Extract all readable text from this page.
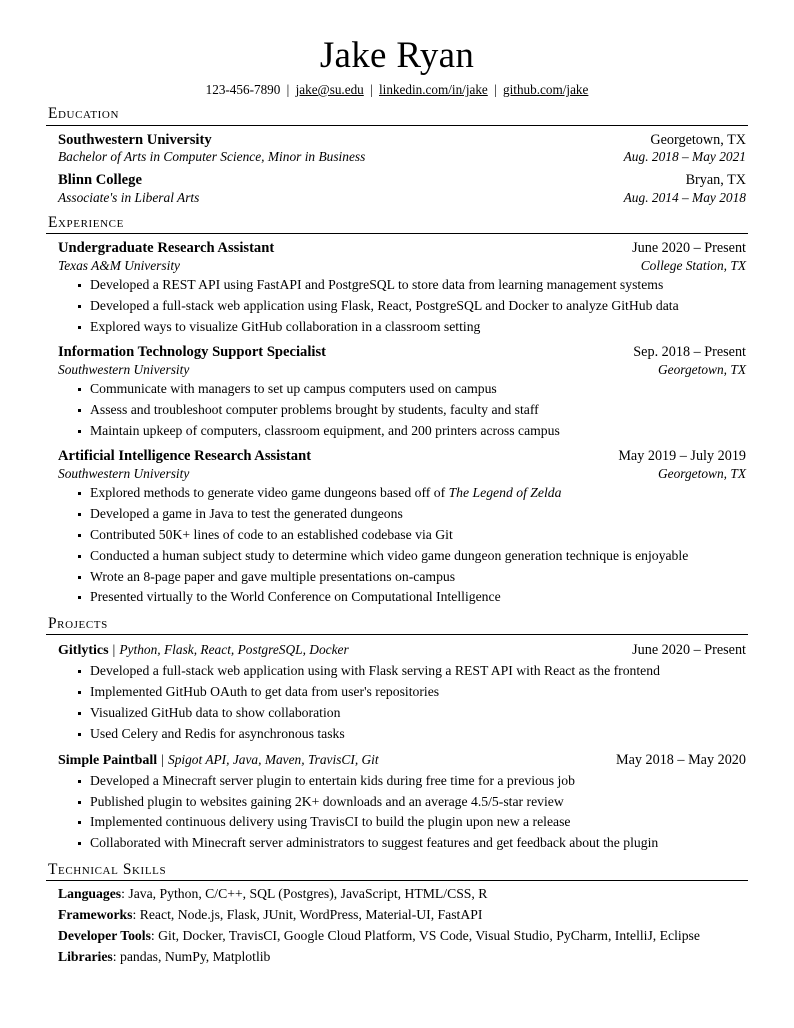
Jake Ryan
123-456-7890 | jake@su.edu | linkedin.com/in/jake | github.com/jake
Education
Southwestern University	Georgetown, TX
Bachelor of Arts in Computer Science, Minor in Business	Aug. 2018 – May 2021
Blinn College	Bryan, TX
Associate's in Liberal Arts	Aug. 2014 – May 2018
Experience
Undergraduate Research Assistant	June 2020 – Present
Texas A&M University	College Station, TX
Developed a REST API using FastAPI and PostgreSQL to store data from learning management systems
Developed a full-stack web application using Flask, React, PostgreSQL and Docker to analyze GitHub data
Explored ways to visualize GitHub collaboration in a classroom setting
Information Technology Support Specialist	Sep. 2018 – Present
Southwestern University	Georgetown, TX
Communicate with managers to set up campus computers used on campus
Assess and troubleshoot computer problems brought by students, faculty and staff
Maintain upkeep of computers, classroom equipment, and 200 printers across campus
Artificial Intelligence Research Assistant	May 2019 – July 2019
Southwestern University	Georgetown, TX
Explored methods to generate video game dungeons based off of The Legend of Zelda
Developed a game in Java to test the generated dungeons
Contributed 50K+ lines of code to an established codebase via Git
Conducted a human subject study to determine which video game dungeon generation technique is enjoyable
Wrote an 8-page paper and gave multiple presentations on-campus
Presented virtually to the World Conference on Computational Intelligence
Projects
Gitlytics | Python, Flask, React, PostgreSQL, Docker	June 2020 – Present
Developed a full-stack web application using with Flask serving a REST API with React as the frontend
Implemented GitHub OAuth to get data from user's repositories
Visualized GitHub data to show collaboration
Used Celery and Redis for asynchronous tasks
Simple Paintball | Spigot API, Java, Maven, TravisCI, Git	May 2018 – May 2020
Developed a Minecraft server plugin to entertain kids during free time for a previous job
Published plugin to websites gaining 2K+ downloads and an average 4.5/5-star review
Implemented continuous delivery using TravisCI to build the plugin upon new a release
Collaborated with Minecraft server administrators to suggest features and get feedback about the plugin
Technical Skills
Languages: Java, Python, C/C++, SQL (Postgres), JavaScript, HTML/CSS, R
Frameworks: React, Node.js, Flask, JUnit, WordPress, Material-UI, FastAPI
Developer Tools: Git, Docker, TravisCI, Google Cloud Platform, VS Code, Visual Studio, PyCharm, IntelliJ, Eclipse
Libraries: pandas, NumPy, Matplotlib
